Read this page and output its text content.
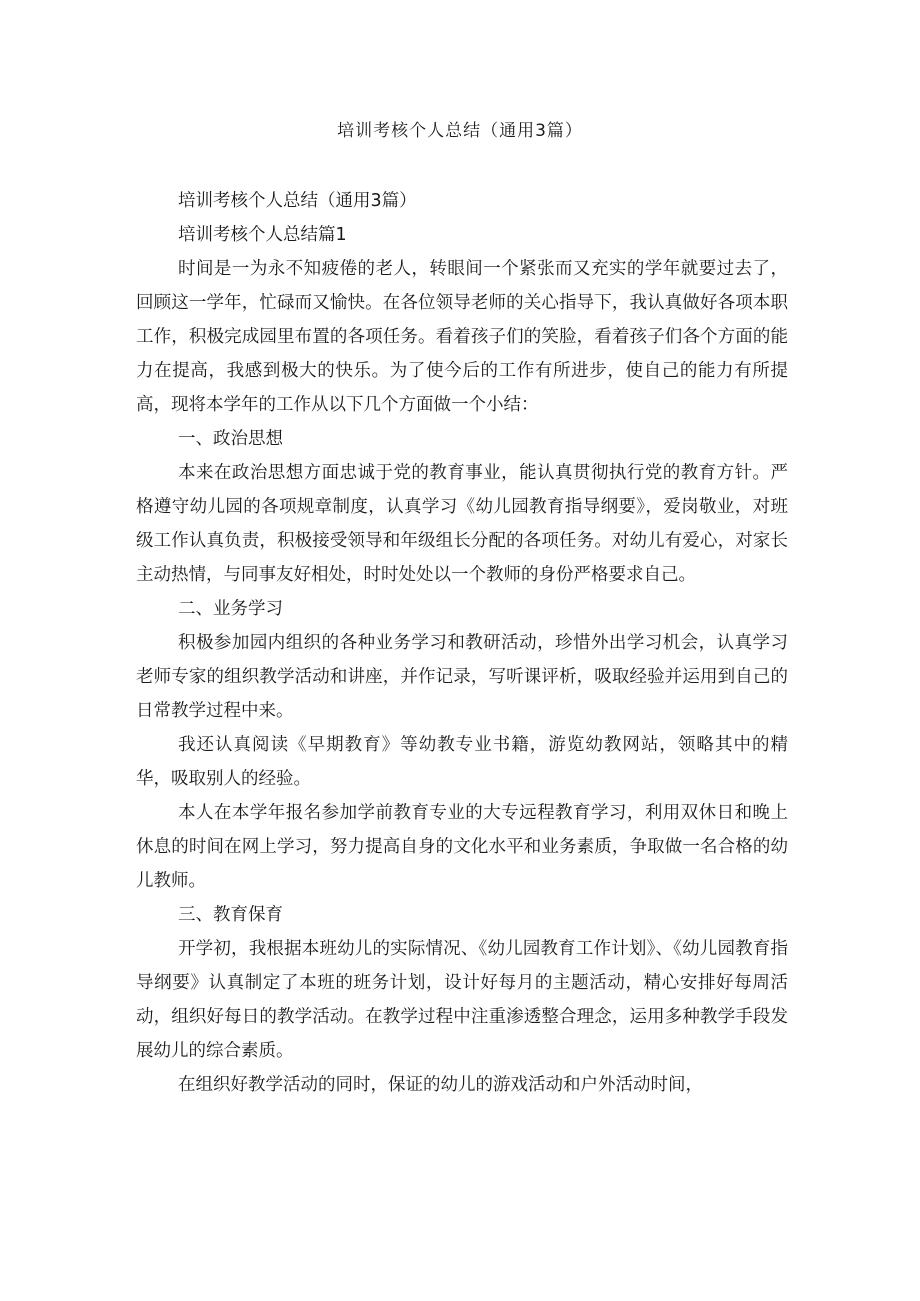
培训考核个人总结（通用3篇）

培训考核个人总结（通用3篇）

培训考核个人总结篇1

时间是一为永不知疲倦的老人，转眼间一个紧张而又充实的学年就要过去了，回顾这一学年，忙碌而又愉快。在各位领导老师的关心指导下，我认真做好各项本职工作，积极完成园里布置的各项任务。看着孩子们的笑脸，看着孩子们各个方面的能力在提高，我感到极大的快乐。为了使今后的工作有所进步，使自己的能力有所提高，现将本学年的工作从以下几个方面做一个小结：

一、政治思想

本来在政治思想方面忠诚于党的教育事业，能认真贯彻执行党的教育方针。严格遵守幼儿园的各项规章制度，认真学习《幼儿园教育指导纲要》，爱岗敬业，对班级工作认真负责，积极接受领导和年级组长分配的各项任务。对幼儿有爱心，对家长主动热情，与同事友好相处，时时处处以一个教师的身份严格要求自己。

二、业务学习

积极参加园内组织的各种业务学习和教研活动，珍惜外出学习机会，认真学习老师专家的组织教学活动和讲座，并作记录，写听课评析，吸取经验并运用到自己的日常教学过程中来。

我还认真阅读《早期教育》等幼教专业书籍，游览幼教网站，领略其中的精华，吸取别人的经验。

本人在本学年报名参加学前教育专业的大专远程教育学习，利用双休日和晚上休息的时间在网上学习，努力提高自身的文化水平和业务素质，争取做一名合格的幼儿教师。

三、教育保育

开学初，我根据本班幼儿的实际情况、《幼儿园教育工作计划》、《幼儿园教育指导纲要》认真制定了本班的班务计划，设计好每月的主题活动，精心安排好每周活动，组织好每日的教学活动。在教学过程中注重渗透整合理念，运用多种教学手段发展幼儿的综合素质。

在组织好教学活动的同时，保证的幼儿的游戏活动和户外活动时间，
